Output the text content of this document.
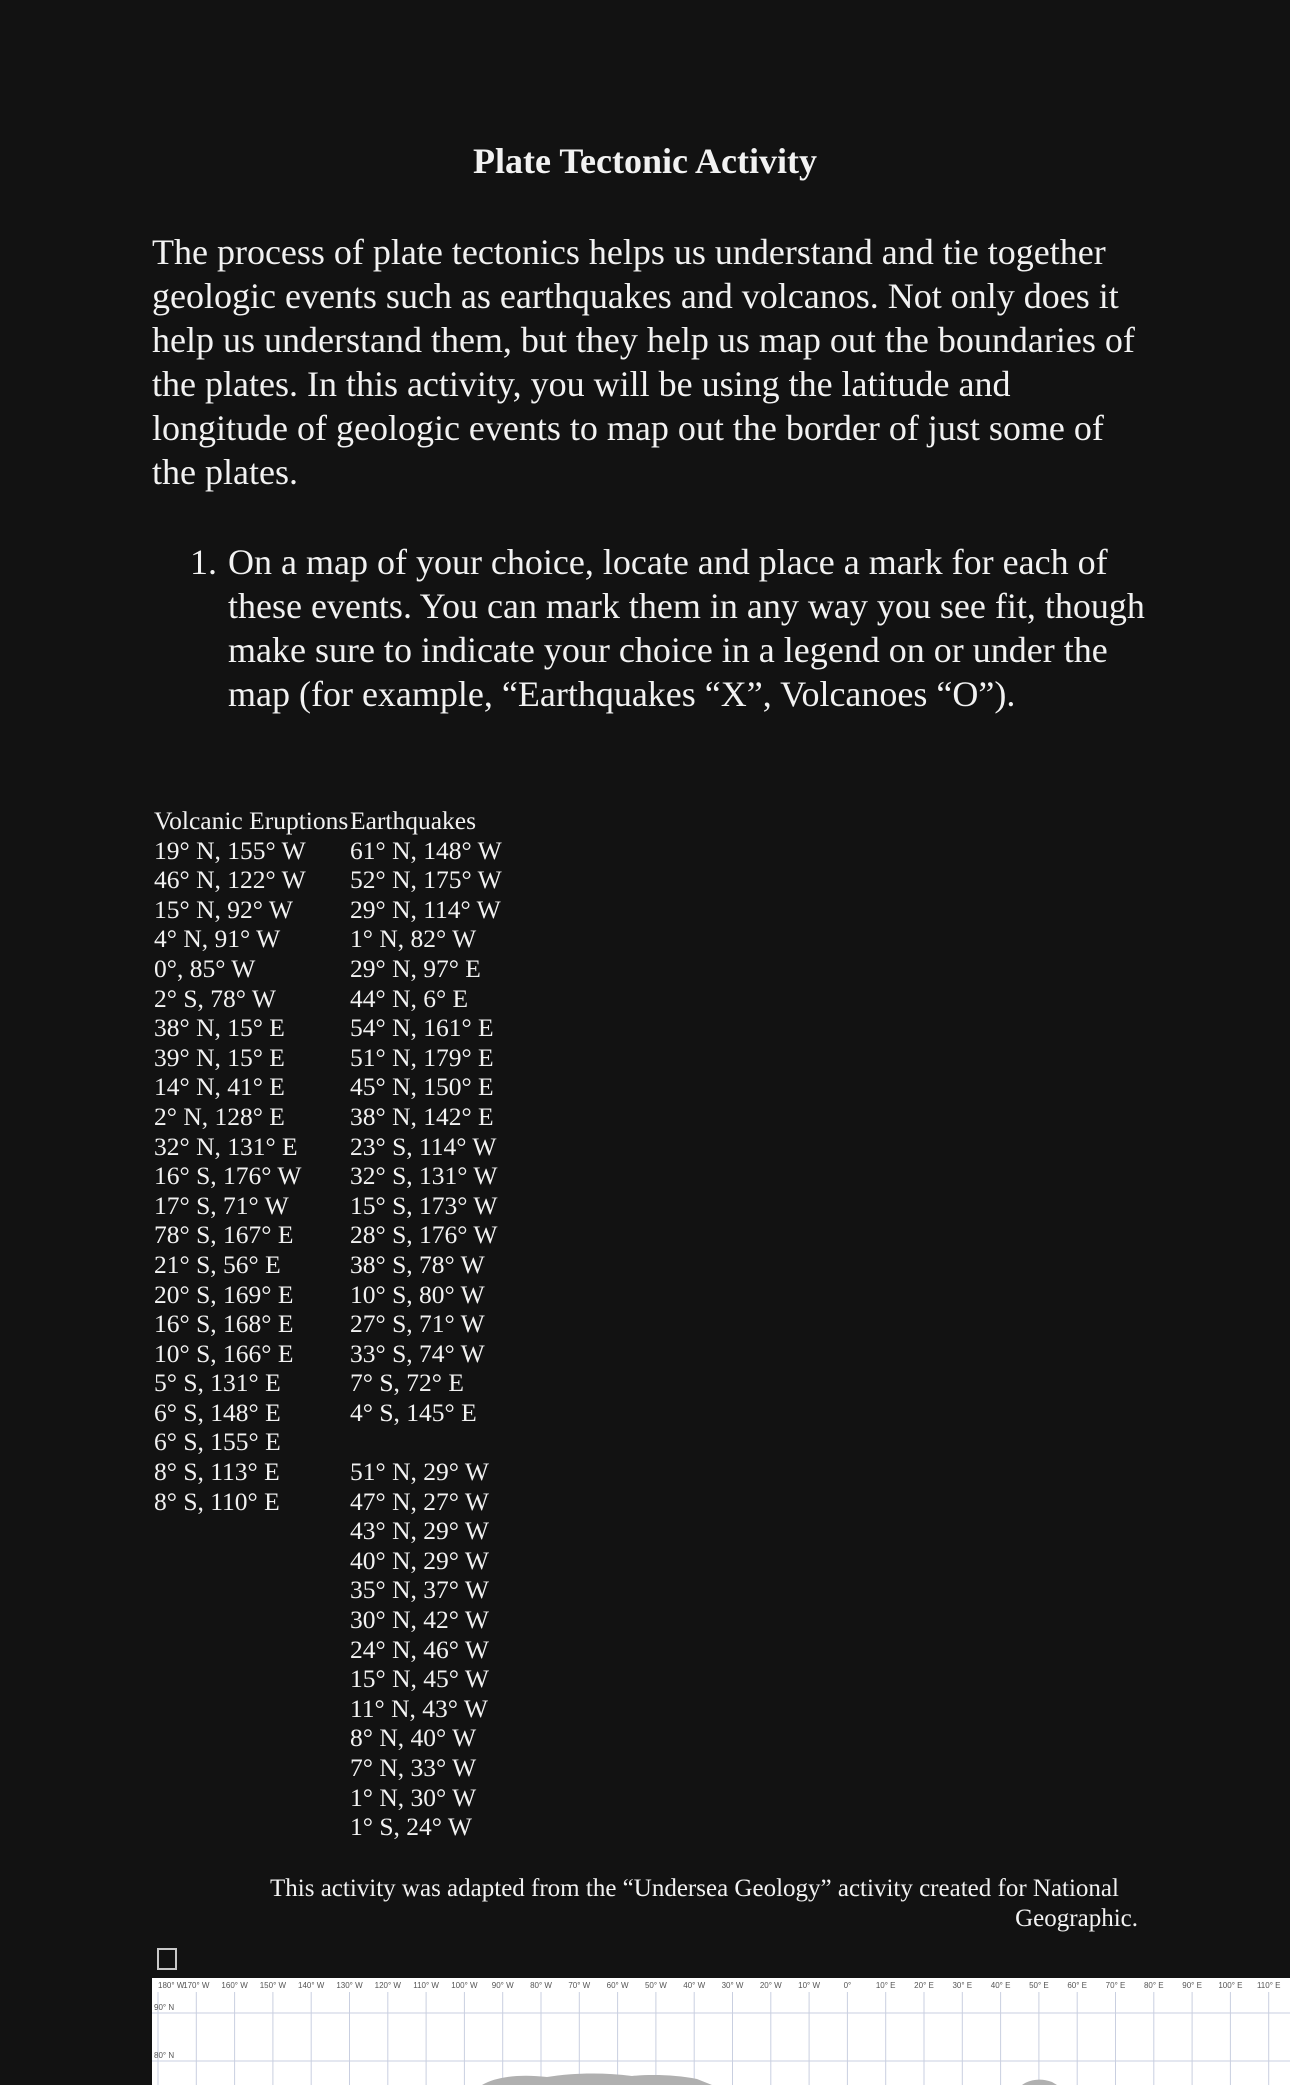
Plate Tectonic Activity

The process of plate tectonics helps us understand and tie together geologic events such as earthquakes and volcanos. Not only does it help us understand them, but they help us map out the boundaries of the plates. In this activity, you will be using the latitude and longitude of geologic events to map out the border of just some of the plates.

1. On a map of your choice, locate and place a mark for each of these events. You can mark them in any way you see fit, though make sure to indicate your choice in a legend on or under the map (for example, “Earthquakes “X”, Volcanoes “O”).
Volcanic Eruptions
19° N, 155° W
46° N, 122° W
15° N, 92° W
4° N, 91° W
0°, 85° W
2° S, 78° W
38° N, 15° E
39° N, 15° E
14° N, 41° E
2° N, 128° E
32° N, 131° E
16° S, 176° W
17° S, 71° W
78° S, 167° E
21° S, 56° E
20° S, 169° E
16° S, 168° E
10° S, 166° E
5° S, 131° E
6° S, 148° E
6° S, 155° E
8° S, 113° E
8° S, 110° E
Earthquakes
61° N, 148° W
52° N, 175° W
29° N, 114° W
1° N, 82° W
29° N, 97° E
44° N, 6° E
54° N, 161° E
51° N, 179° E
45° N, 150° E
38° N, 142° E
23° S, 114° W
32° S, 131° W
15° S, 173° W
28° S, 176° W
38° S, 78° W
10° S, 80° W
27° S, 71° W
33° S, 74° W
7° S, 72° E
4° S, 145° E
51° N, 29° W
47° N, 27° W
43° N, 29° W
40° N, 29° W
35° N, 37° W
30° N, 42° W
24° N, 46° W
15° N, 45° W
11° N, 43° W
8° N, 40° W
7° N, 33° W
1° N, 30° W
1° S, 24° W
This activity was adapted from the “Undersea Geology” activity created for National
Geographic.
180° W
170° W 160° W 150° W 140° W 130° W 120° W 110° W 100° W 90° W 80° W 70° W 60° W 50° W 40° W 30° W 20° W 10° W	0°	10° E 20° E 30° E 40° E 50° E 60° E 70° E 80° E 90° E 100° E 110° E
90° N
80° N
